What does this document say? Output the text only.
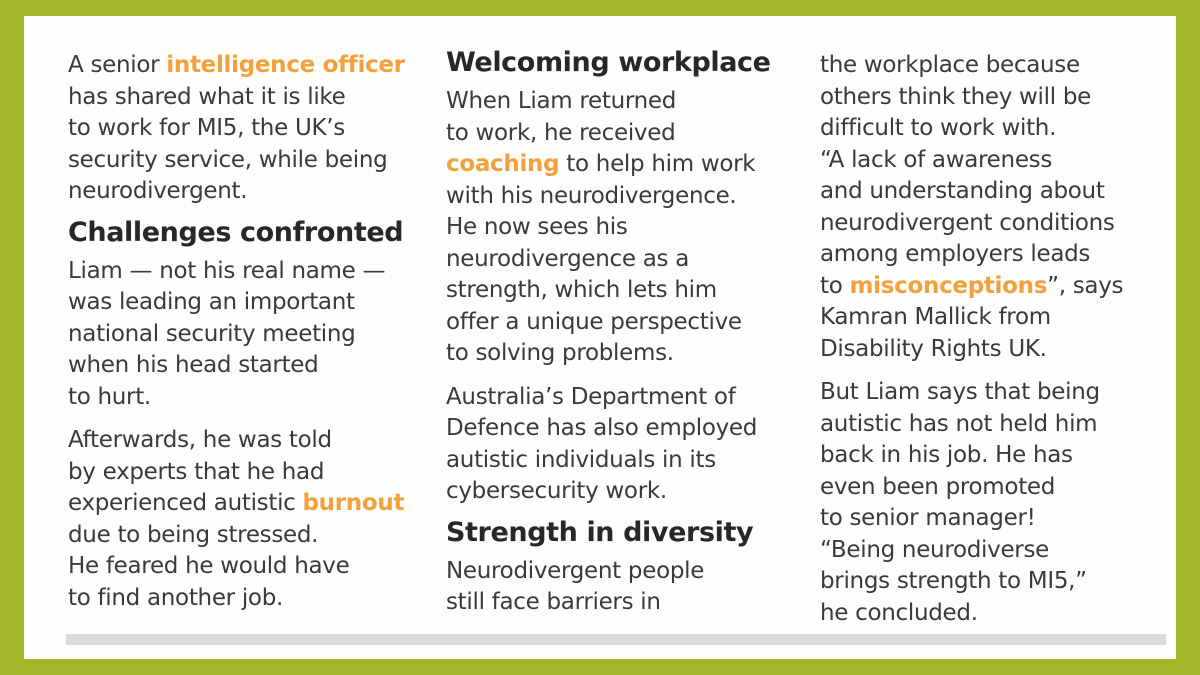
A senior intelligence officer
has shared what it is like
to work for MI5, the UK’s
security service, while being
neurodivergent.
Challenges confronted
Liam — not his real name —
was leading an important
national security meeting
when his head started
to hurt.
Afterwards, he was told
by experts that he had
experienced autistic burnout
due to being stressed.
He feared he would have
to find another job.
Welcoming workplace
When Liam returned
to work, he received
coaching to help him work
with his neurodivergence.
He now sees his
neurodivergence as a
strength, which lets him
offer a unique perspective
to solving problems.
Australia’s Department of
Defence has also employed
autistic individuals in its
cybersecurity work.
Strength in diversity
Neurodivergent people
still face barriers in
the workplace because
others think they will be
difficult to work with.
“A lack of awareness
and understanding about
neurodivergent conditions
among employers leads
to misconceptions”, says
Kamran Mallick from
Disability Rights UK.
But Liam says that being
autistic has not held him
back in his job. He has
even been promoted
to senior manager!
“Being neurodiverse
brings strength to MI5,”
he concluded.
